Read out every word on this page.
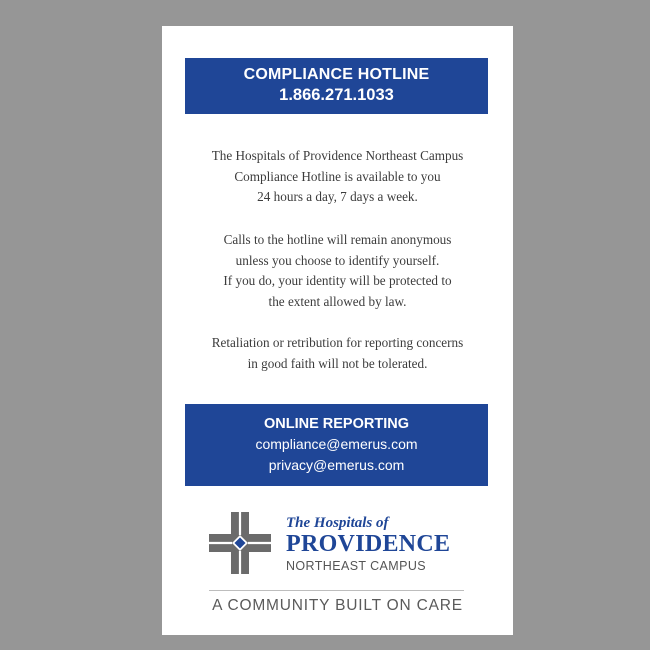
COMPLIANCE HOTLINE
1.866.271.1033
The Hospitals of Providence Northeast Campus
Compliance Hotline is available to you
24 hours a day, 7 days a week.
Calls to the hotline will remain anonymous
unless you choose to identify yourself.
If you do, your identity will be protected to
the extent allowed by law.
Retaliation or retribution for reporting concerns
in good faith will not be tolerated.
ONLINE REPORTING
compliance@emerus.com
privacy@emerus.com
The Hospitals of
PROVIDENCE
NORTHEAST CAMPUS
A COMMUNITY BUILT ON CARE
